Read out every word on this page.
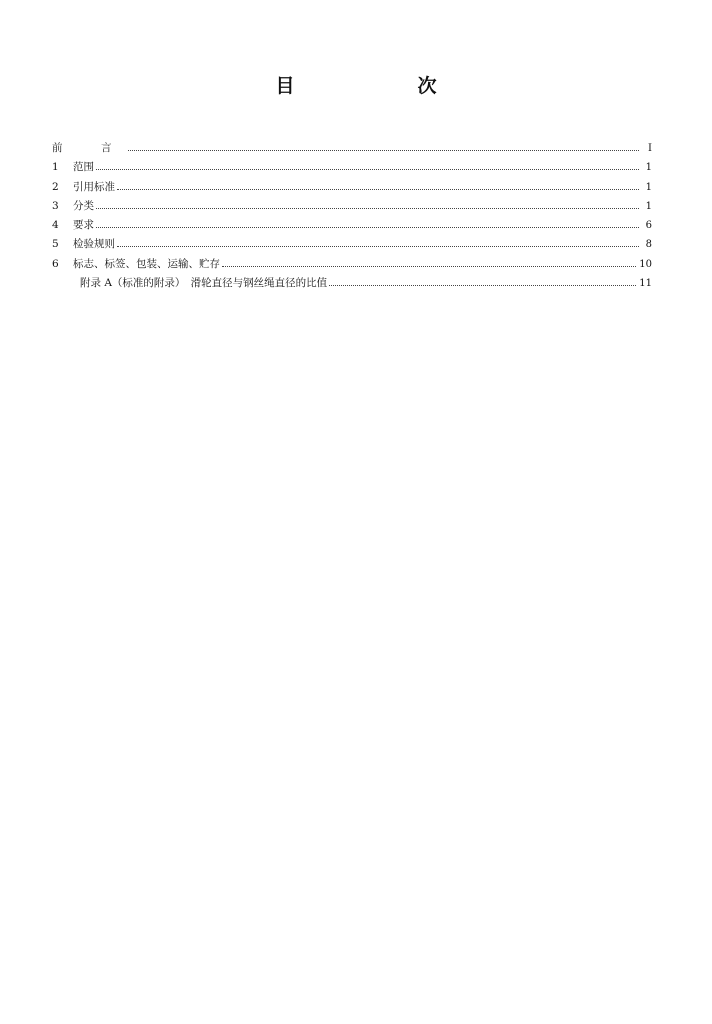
目　次
前　言	Ⅰ
1	范围	1
2	引用标准	1
3	分类	1
4	要求	6
5	检验规则	8
6	标志、标签、包装、运输、贮存	10
附录 A（标准的附录）　滑轮直径与钢丝绳直径的比值	11
